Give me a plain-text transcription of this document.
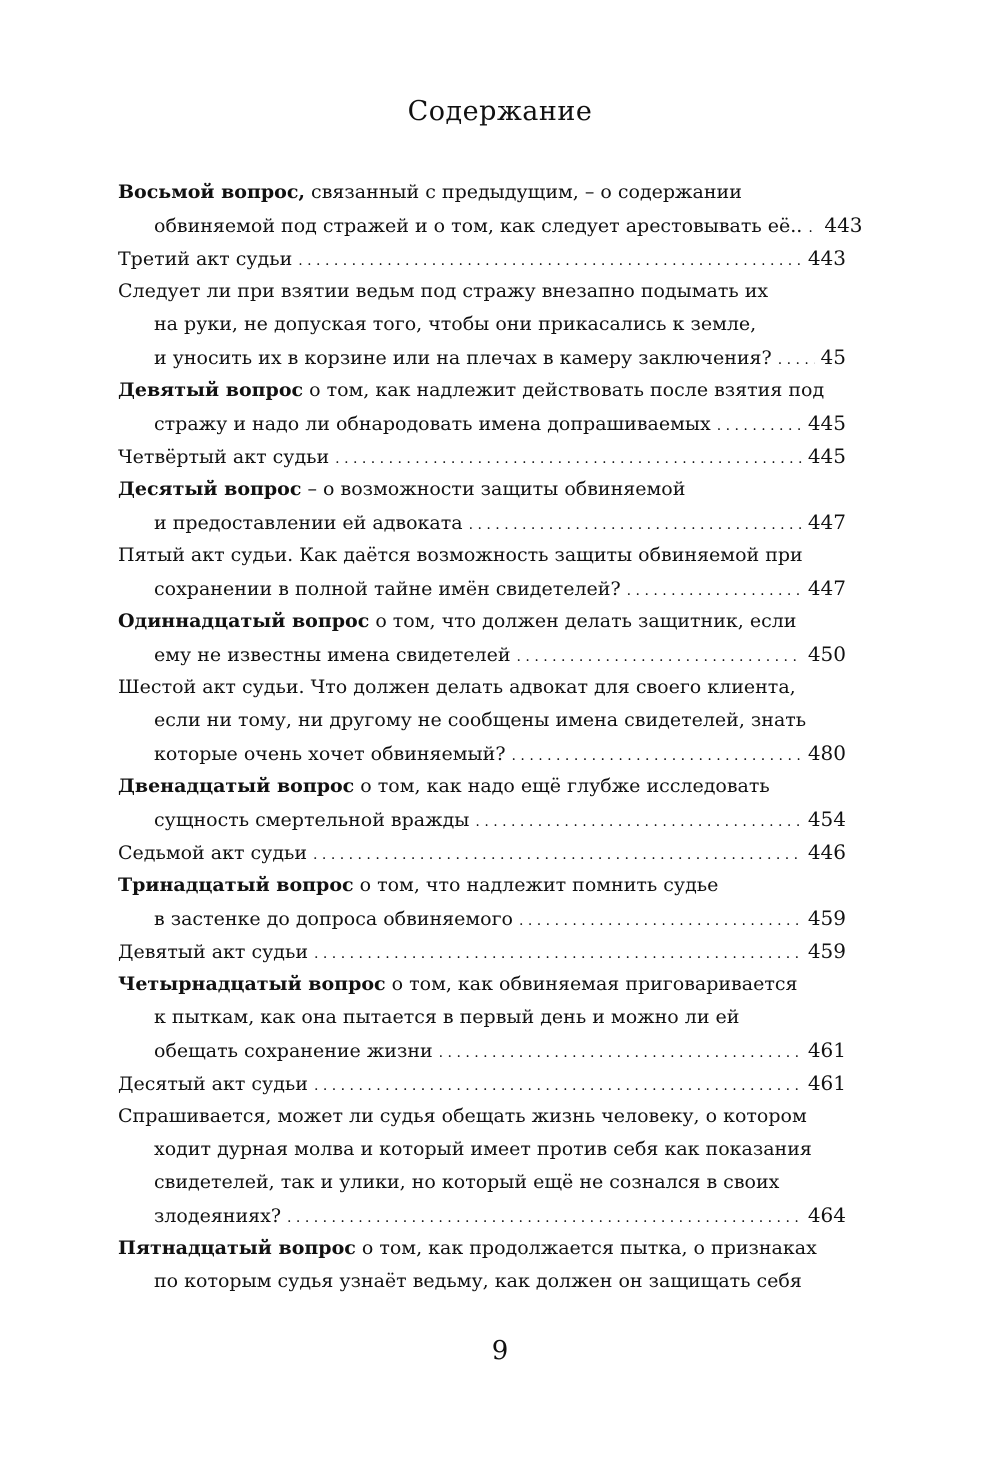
Содержание
Восьмой вопрос, связанный с предыдущим, – о содержании
обвиняемой под стражей и о том, как следует арестовывать её.. . . . 443
Третий акт судьи . . .	443
Следует ли при взятии ведьм под стражу внезапно подымать их
на руки, не допуская того, чтобы они прикасались к земле,
и уносить их в корзине или на плечах в камеру заключения? . . . 45
Девятый вопрос о том, как надлежит действовать после взятия под
стражу и надо ли обнародовать имена допрашиваемых . . .	445
Четвёртый акт судьи . . .	445
Десятый вопрос – о возможности защиты обвиняемой
и предоставлении ей адвоката . . .	447
Пятый акт судьи. Как даётся возможность защиты обвиняемой при
сохранении в полной тайне имён свидетелей? . . .	447
Одиннадцатый вопрос о том, что должен делать защитник, если
ему не известны имена свидетелей . . .	450
Шестой акт судьи. Что должен делать адвокат для своего клиента,
если ни тому, ни другому не сообщены имена свидетелей, знать
которые очень хочет обвиняемый? . . .	480
Двенадцатый вопрос о том, как надо ещё глубже исследовать
сущность смертельной вражды . . .	454
Седьмой акт судьи . . .	446
Тринадцатый вопрос о том, что надлежит помнить судье
в застенке до допроса обвиняемого . . .	459
Девятый акт судьи . . .	459
Четырнадцатый вопрос о том, как обвиняемая приговаривается
к пыткам, как она пытается в первый день и можно ли ей
обещать сохранение жизни . . .	461
Десятый акт судьи . . .	461
Спрашивается, может ли судья обещать жизнь человеку, о котором
ходит дурная молва и который имеет против себя как показания
свидетелей, так и улики, но который ещё не сознался в своих
злодеяниях? . . .	464
Пятнадцатый вопрос о том, как продолжается пытка, о признаках
по которым судья узнаёт ведьму, как должен он защищать себя
9
